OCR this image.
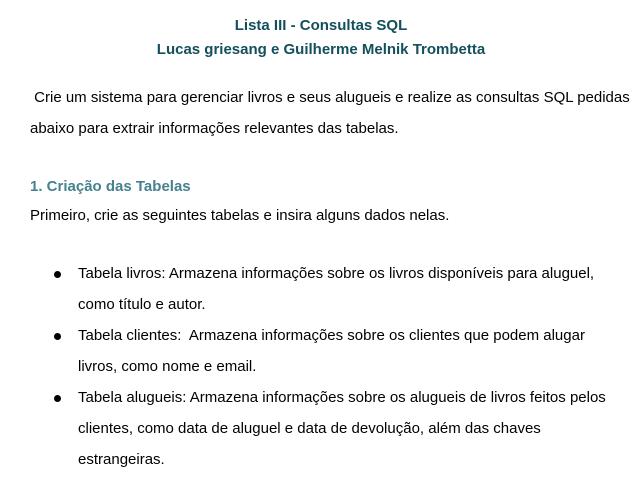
Lista III - Consultas SQL
Lucas griesang e Guilherme Melnik Trombetta
Crie um sistema para gerenciar livros e seus alugueis e realize as consultas SQL pedidas abaixo para extrair informações relevantes das tabelas.
1. Criação das Tabelas
Primeiro, crie as seguintes tabelas e insira alguns dados nelas.
Tabela livros: Armazena informações sobre os livros disponíveis para aluguel, como título e autor.
Tabela clientes:  Armazena informações sobre os clientes que podem alugar livros, como nome e email.
Tabela alugueis: Armazena informações sobre os alugueis de livros feitos pelos clientes, como data de aluguel e data de devolução, além das chaves estrangeiras.
